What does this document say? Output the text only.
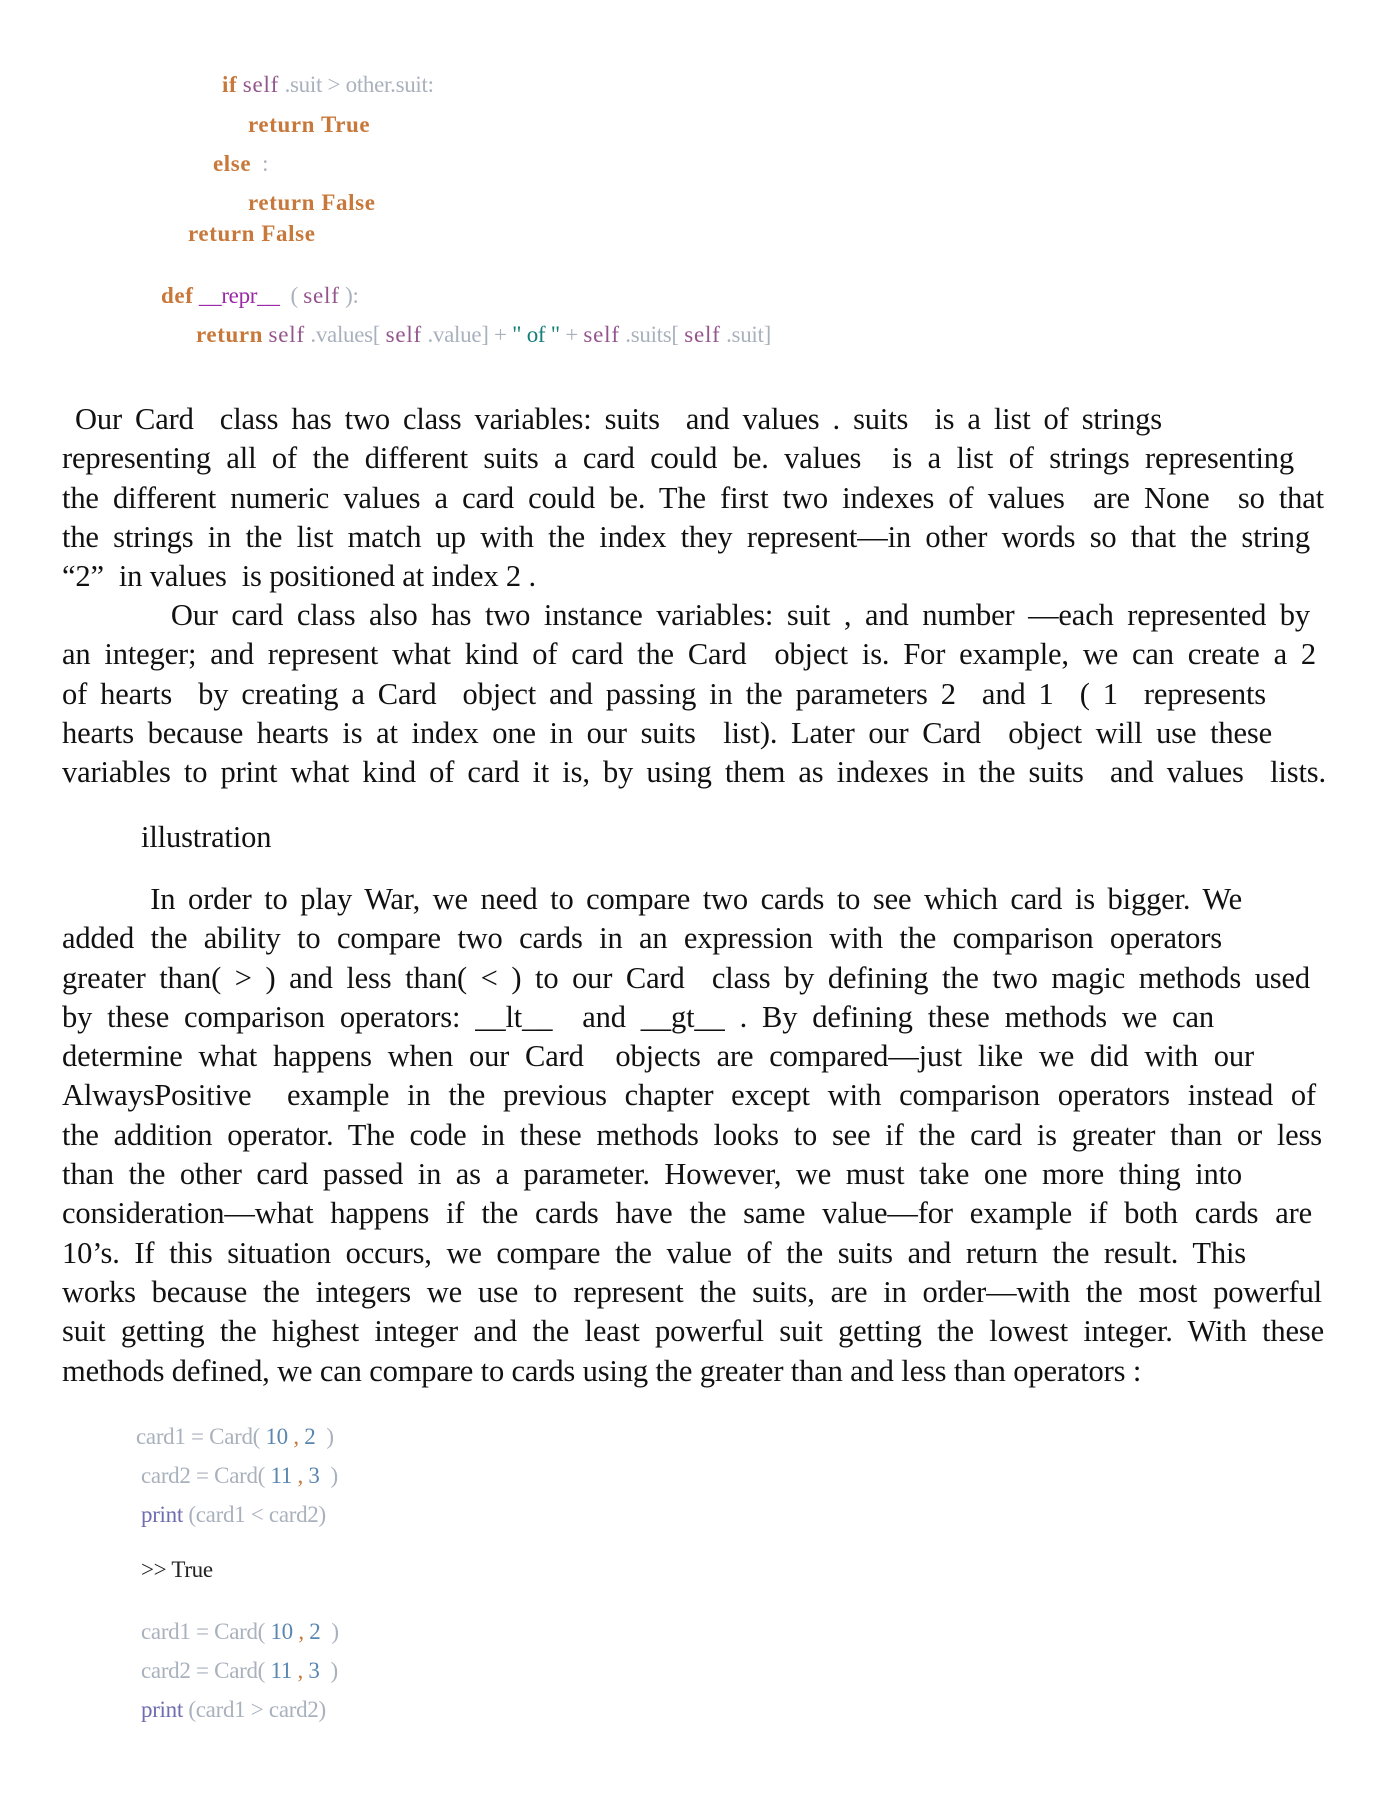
if self .suit > other.suit:
return True
else  :
return False
return False
def __repr__  ( self ):
return self .values[ self .value] + " of " + self .suits[ self .suit]
Our Card  class has two class variables: suits  and values . suits  is a list of strings
representing all of the different suits a card could be. values  is a list of strings representing
the different numeric values a card could be. The first two indexes of values  are None  so that
the strings in the list match up with the index they represent—in other words so that the string
“2”  in values  is positioned at index 2 .
Our card class also has two instance variables: suit , and number —each represented by
an integer; and represent what kind of card the Card  object is. For example, we can create a 2
of hearts  by creating a Card  object and passing in the parameters 2  and 1  ( 1  represents
hearts because hearts is at index one in our suits  list). Later our Card  object will use these
variables to print what kind of card it is, by using them as indexes in the suits  and values  lists.
illustration
In order to play War, we need to compare two cards to see which card is bigger. We
added the ability to compare two cards in an expression with the comparison operators
greater than( > ) and less than( < ) to our Card  class by defining the two magic methods used
by these comparison operators: __lt__  and __gt__ . By defining these methods we can
determine what happens when our Card  objects are compared—just like we did with our
AlwaysPositive  example in the previous chapter except with comparison operators instead of
the addition operator. The code in these methods looks to see if the card is greater than or less
than the other card passed in as a parameter. However, we must take one more thing into
consideration—what happens if the cards have the same value—for example if both cards are
10’s. If this situation occurs, we compare the value of the suits and return the result. This
works because the integers we use to represent the suits, are in order—with the most powerful
suit getting the highest integer and the least powerful suit getting the lowest integer. With these
methods defined, we can compare to cards using the greater than and less than operators :
card1 = Card( 10 , 2  )
card2 = Card( 11 , 3  )
print (card1 < card2)
>> True
card1 = Card( 10 , 2  )
card2 = Card( 11 , 3  )
print (card1 > card2)
